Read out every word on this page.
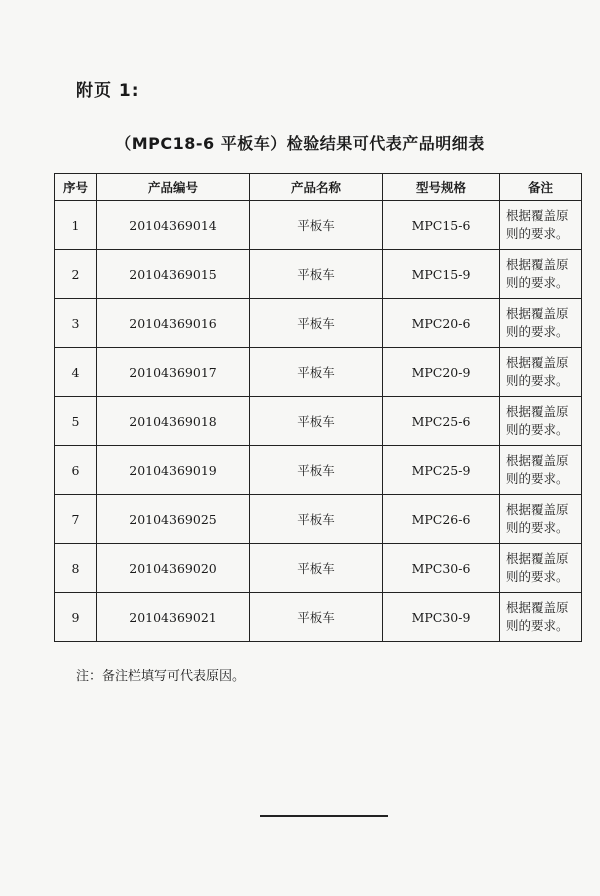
附页 1:
（MPC18-6 平板车）检验结果可代表产品明细表
序号	产品编号	产品名称	型号规格	备注
1	20104369014	平板车	MPC15-6	根据覆盖原则的要求。
2	20104369015	平板车	MPC15-9	根据覆盖原则的要求。
3	20104369016	平板车	MPC20-6	根据覆盖原则的要求。
4	20104369017	平板车	MPC20-9	根据覆盖原则的要求。
5	20104369018	平板车	MPC25-6	根据覆盖原则的要求。
6	20104369019	平板车	MPC25-9	根据覆盖原则的要求。
7	20104369025	平板车	MPC26-6	根据覆盖原则的要求。
8	20104369020	平板车	MPC30-6	根据覆盖原则的要求。
9	20104369021	平板车	MPC30-9	根据覆盖原则的要求。
注：备注栏填写可代表原因。
